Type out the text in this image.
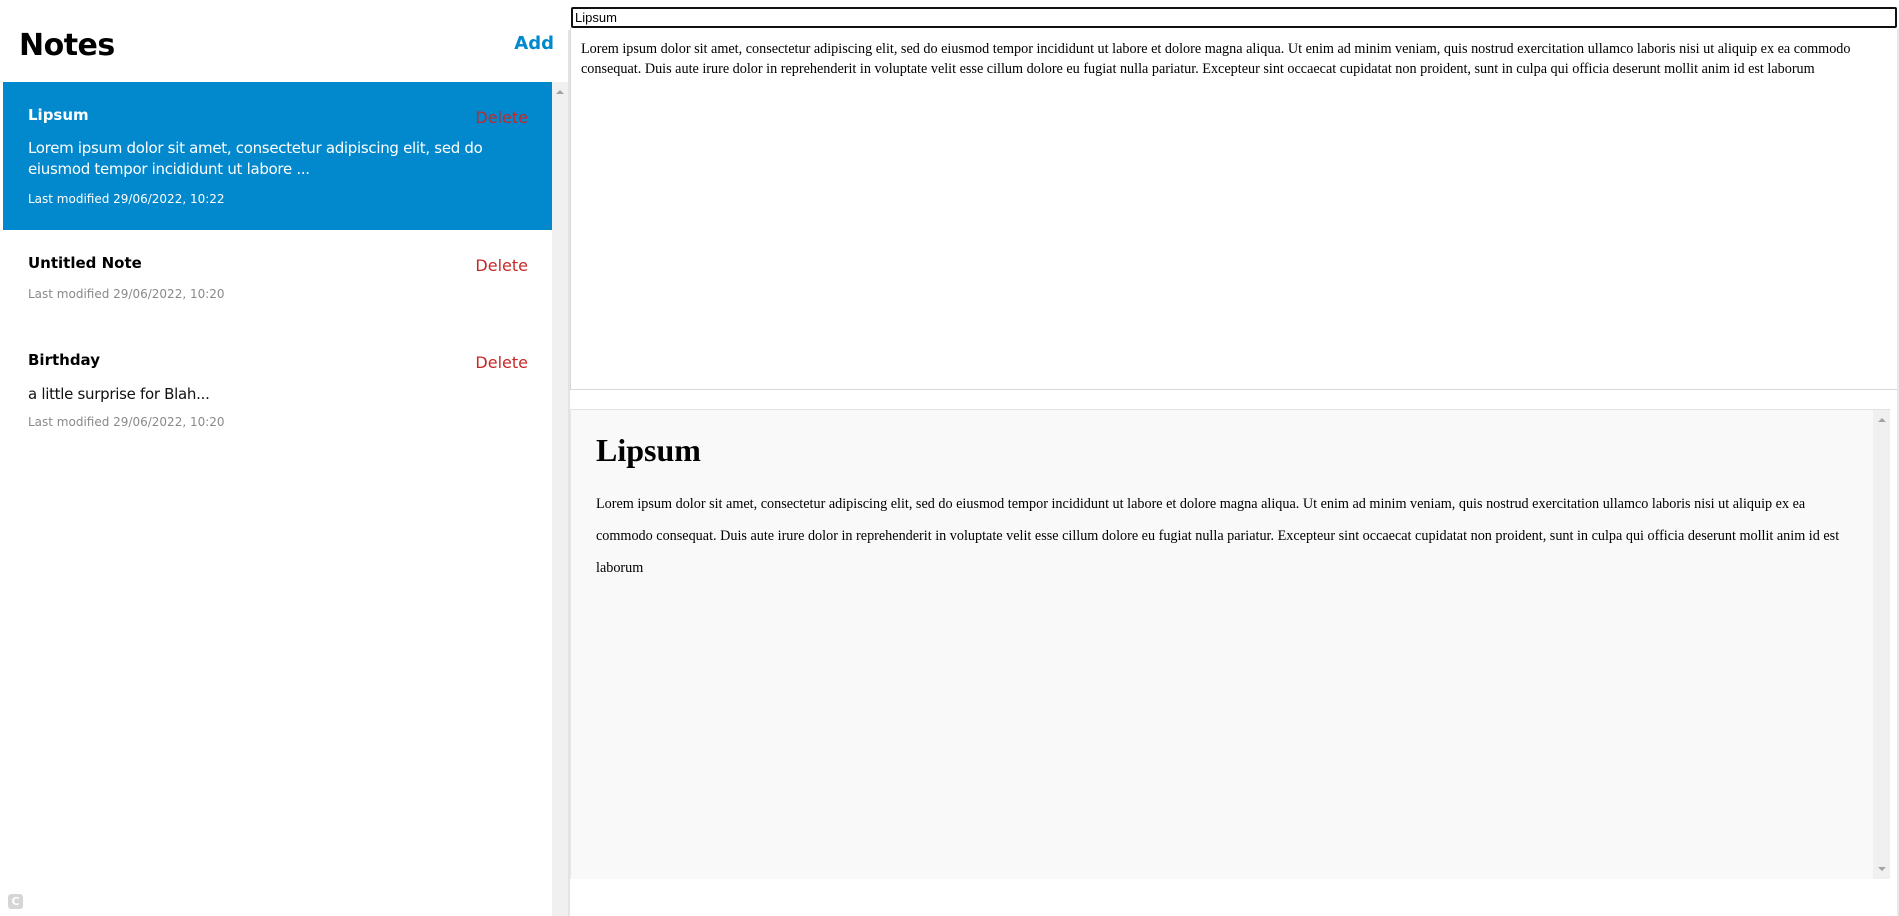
Notes	Add
Lipsum	Delete
Lorem ipsum dolor sit amet, consectetur adipiscing elit, sed do eiusmod tempor incididunt ut labore ...
Last modified 29/06/2022, 10:22
Untitled Note	Delete
Last modified 29/06/2022, 10:20
Birthday	Delete
a little surprise for Blah...
Last modified 29/06/2022, 10:20
C
Lipsum
Lorem ipsum dolor sit amet, consectetur adipiscing elit, sed do eiusmod tempor incididunt ut labore et dolore magna aliqua. Ut enim ad minim veniam, quis nostrud exercitation ullamco laboris nisi ut aliquip ex ea commodo consequat. Duis aute irure dolor in reprehenderit in voluptate velit esse cillum dolore eu fugiat nulla pariatur. Excepteur sint occaecat cupidatat non proident, sunt in culpa qui officia deserunt mollit anim id est laborum
Lipsum

Lorem ipsum dolor sit amet, consectetur adipiscing elit, sed do eiusmod tempor incididunt ut labore et dolore magna aliqua. Ut enim ad minim veniam, quis nostrud exercitation ullamco laboris nisi ut aliquip ex ea commodo consequat. Duis aute irure dolor in reprehenderit in voluptate velit esse cillum dolore eu fugiat nulla pariatur. Excepteur sint occaecat cupidatat non proident, sunt in culpa qui officia deserunt mollit anim id est laborum
